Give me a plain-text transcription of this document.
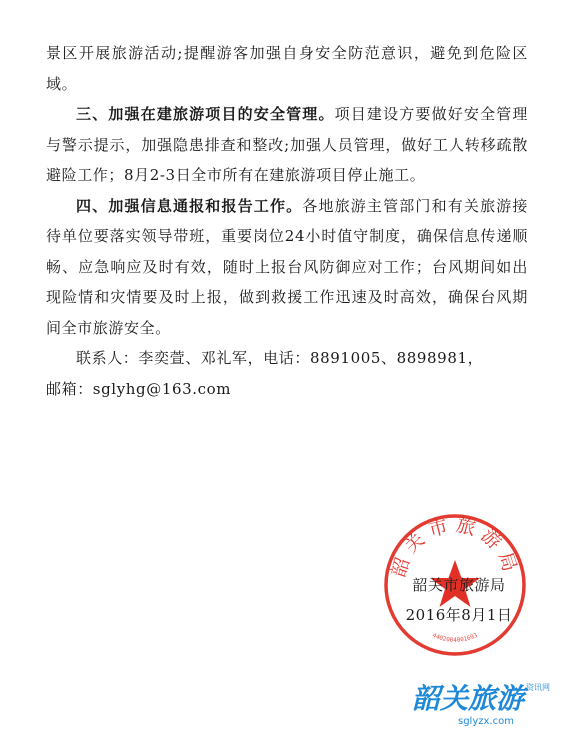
景区开展旅游活动;提醒游客加强自身安全防范意识，避免到危险区域。

三、加强在建旅游项目的安全管理。项目建设方要做好安全管理与警示提示，加强隐患排查和整改;加强人员管理，做好工人转移疏散避险工作；8月2-3日全市所有在建旅游项目停止施工。

四、加强信息通报和报告工作。各地旅游主管部门和有关旅游接待单位要落实领导带班，重要岗位24小时值守制度，确保信息传递顺畅、应急响应及时有效，随时上报台风防御应对工作；台风期间如出现险情和灾情要及时上报，做到救援工作迅速及时高效，确保台风期间全市旅游安全。

联系人：李奕萱、邓礼军，电话：8891005、8898981，

邮箱：sglyhg@163.com

韶关市旅游局
4402004001693
韶关市旅游局
2016年8月1日
韶关旅游 资讯网
sglyzx.com
